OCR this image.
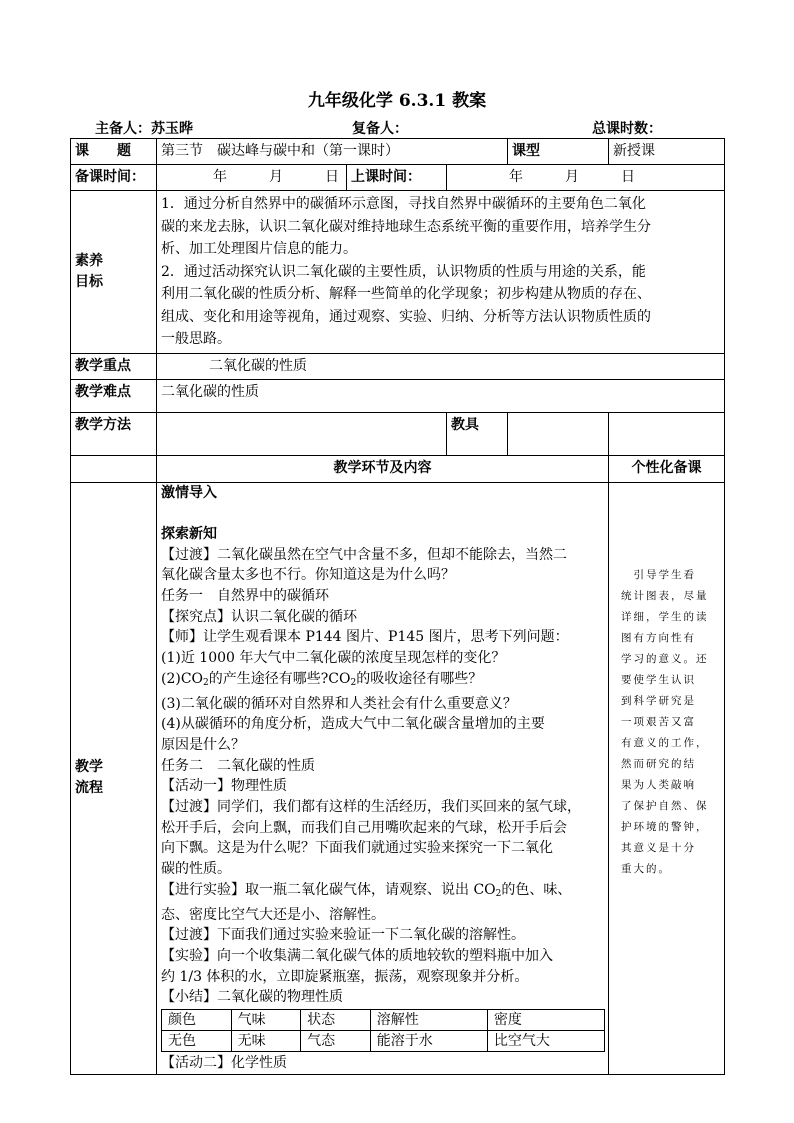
九年级化学 6.3.1 教案
主备人：苏玉晔	复备人：	总课时数：
课　　题	第三节　碳达峰与碳中和（第一课时）	课型	新授课
备课时间：	年　　　月　　　日	上课时间：	年　　　月　　　日

素养
目标

1．通过分析自然界中的碳循环示意图，寻找自然界中碳循环的主要角色二氧化

碳的来龙去脉，认识二氧化碳对维持地球生态系统平衡的重要作用，培养学生分

析、加工处理图片信息的能力。

2．通过活动探究认识二氧化碳的主要性质，认识物质的性质与用途的关系，能

利用二氧化碳的性质分析、解释一些简单的化学现象；初步构建从物质的存在、

组成、变化和用途等视角，通过观察、实验、归纳、分析等方法认识物质性质的

一般思路。

教学重点	二氧化碳的性质
教学难点	二氧化碳的性质
教学方法		教具		
	教学环节及内容	个性化备课

教学
流程

激情导入

探索新知

【过渡】二氧化碳虽然在空气中含量不多，但却不能除去，当然二

氧化碳含量太多也不行。你知道这是为什么吗？

任务一　自然界中的碳循环

【探究点】认识二氧化碳的循环

【师】让学生观看课本 P144 图片、P145 图片，思考下列问题：

(1)近 1000 年大气中二氧化碳的浓度呈现怎样的变化？

$(2)CO_2$的产生途径有哪些$?CO_2$的吸收途径有哪些？

(3)二氧化碳的循环对自然界和人类社会有什么重要意义？

(4)从碳循环的角度分析，造成大气中二氧化碳含量增加的主要

原因是什么？

任务二　二氧化碳的性质

【活动一】物理性质

【过渡】同学们，我们都有这样的生活经历，我们买回来的氢气球，

松开手后，会向上飘，而我们自己用嘴吹起来的气球，松开手后会

向下飘。这是为什么呢？下面我们就通过实验来探究一下二氧化

碳的性质。

【进行实验】取一瓶二氧化碳气体，请观察、说出 $CO_2$的色、味、

态、密度比空气大还是小、溶解性。

【过渡】下面我们通过实验来验证一下二氧化碳的溶解性。

【实验】向一个收集满二氧化碳气体的质地较软的塑料瓶中加入

约 1/3 体积的水，立即旋紧瓶塞，振荡，观察现象并分析。

【小结】二氧化碳的物理性质

颜色	气味	状态	溶解性	密度
无色	无味	气态	能溶于水	比空气大

【活动二】化学性质

　引导学生看
统计图表，尽量
详细，学生的读
图有方向性有
学习的意义。还
要使学生认识
到科学研究是
一项艰苦又富
有意义的工作，
然而研究的结
果为人类敲响
了保护自然、保
护环境的警钟，
其意义是十分
重大的。
